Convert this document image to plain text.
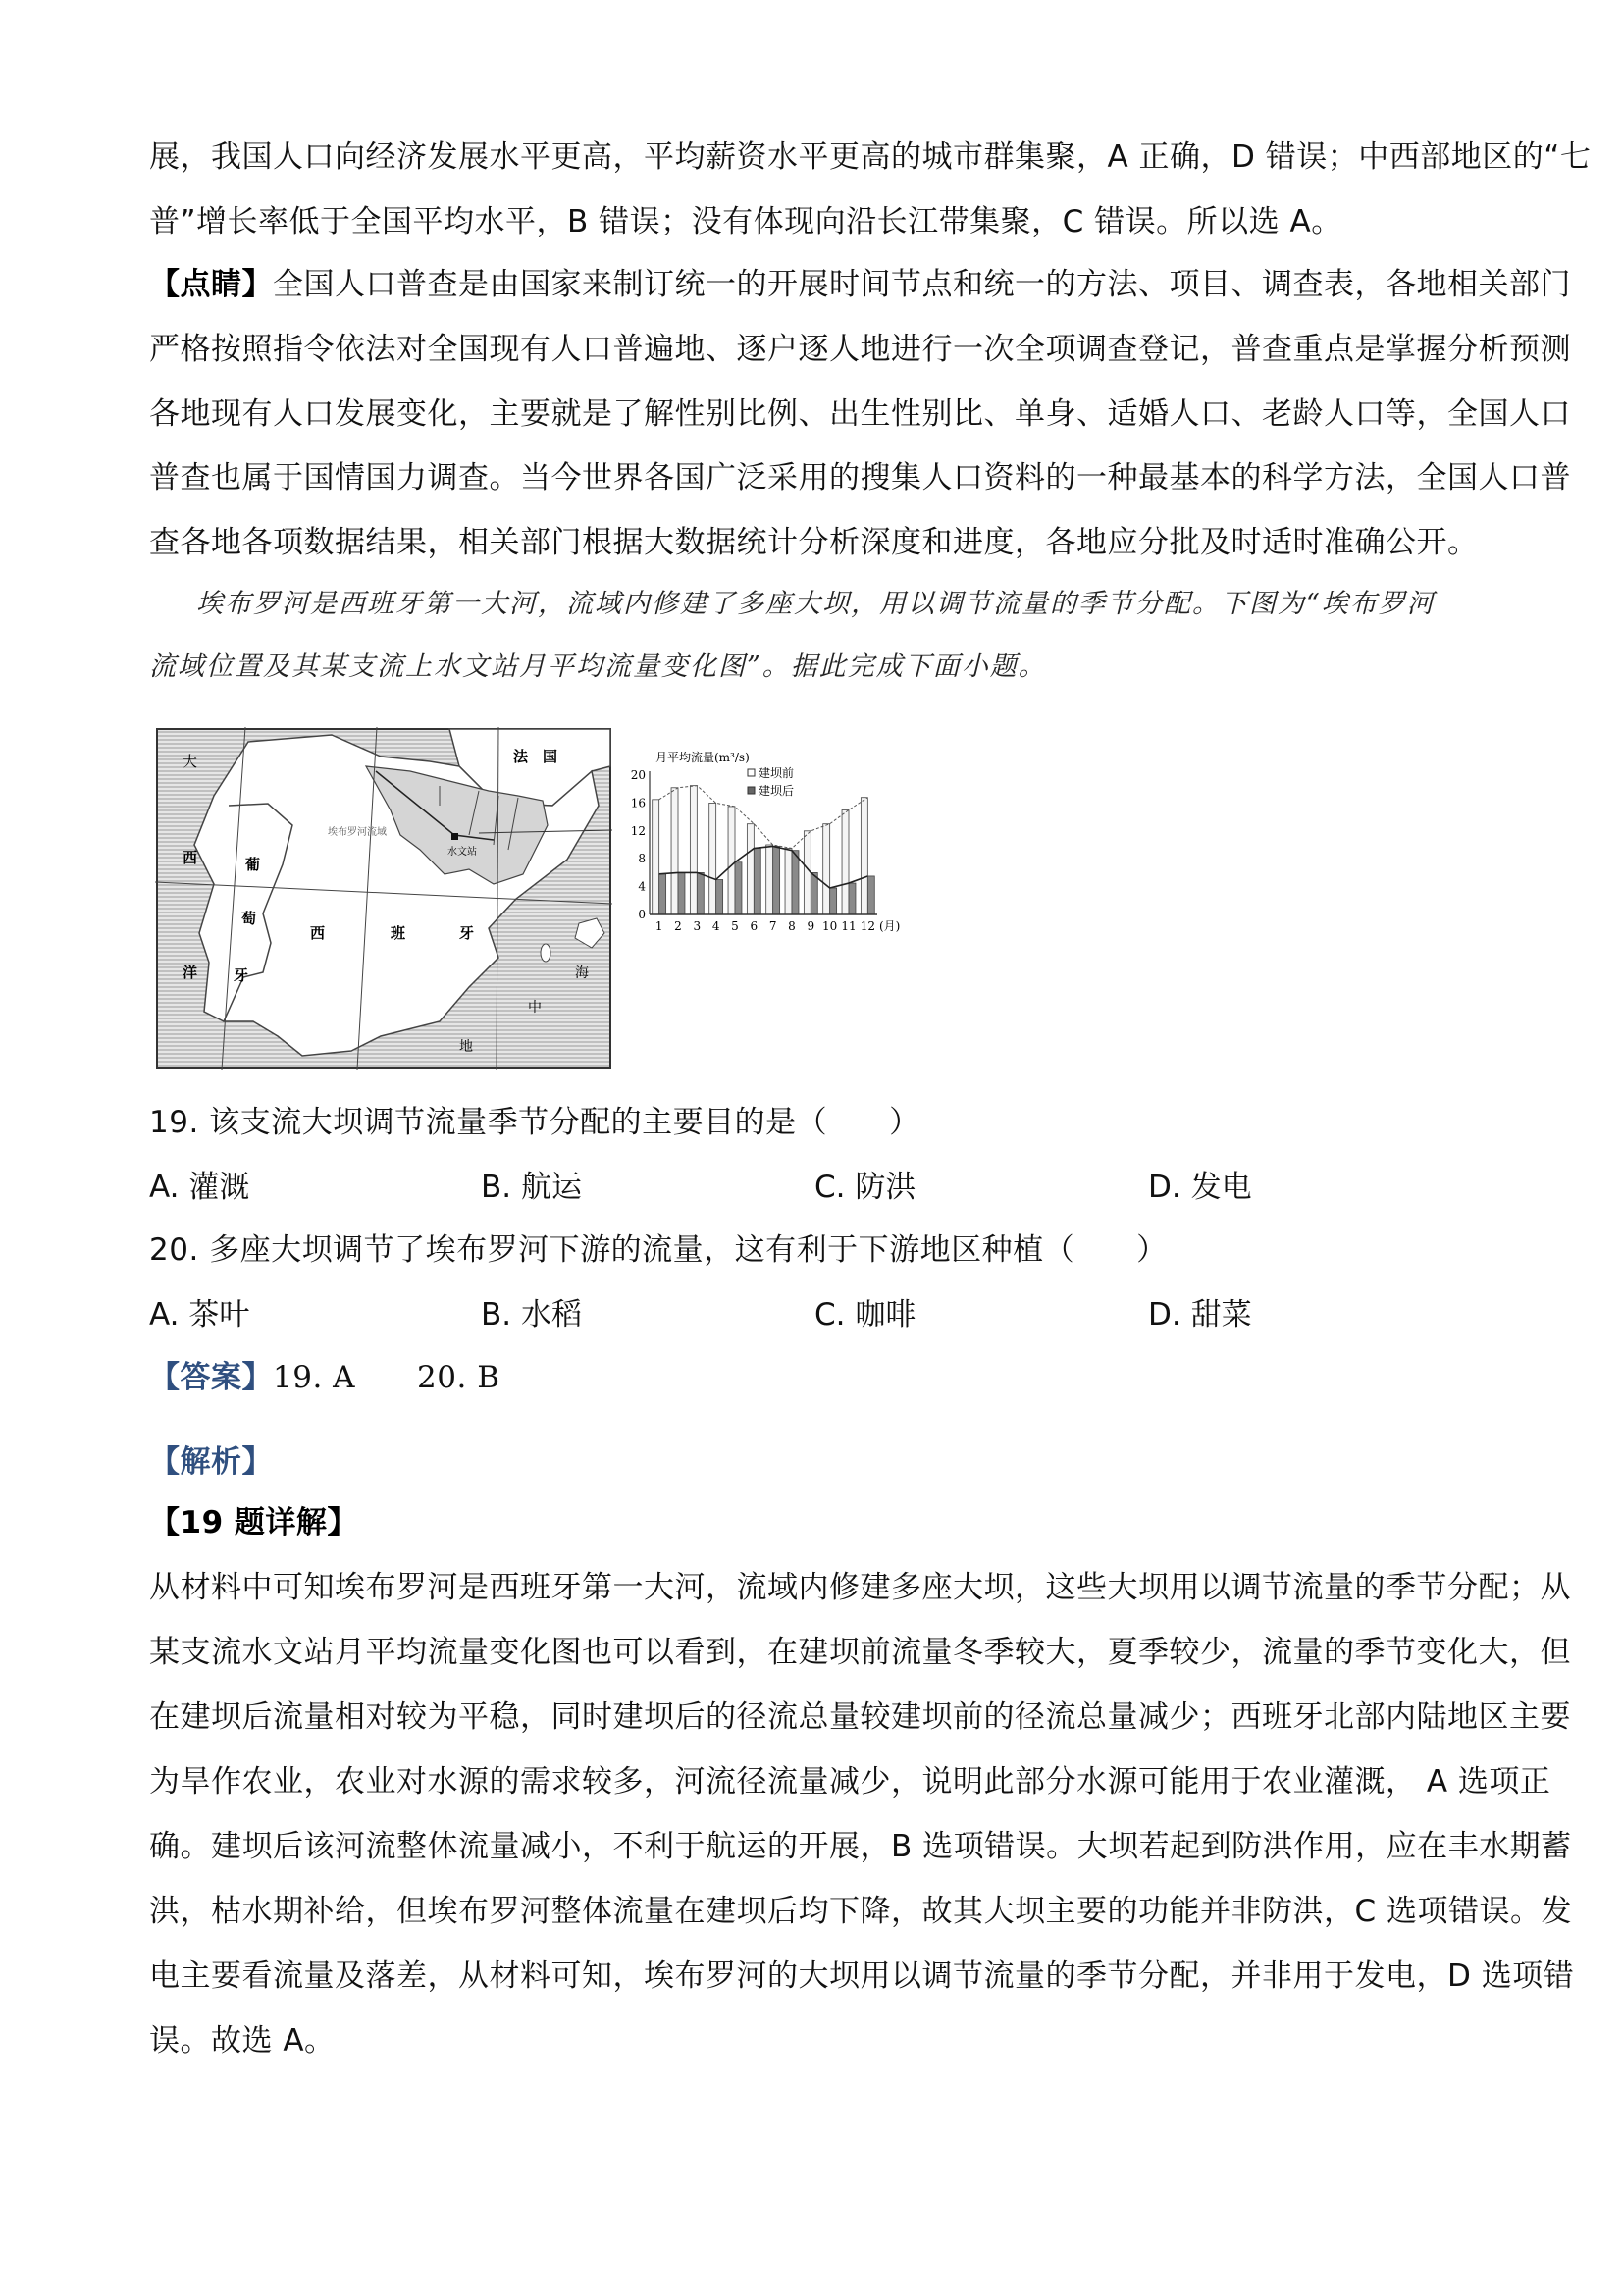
展，我国人口向经济发展水平更高，平均薪资水平更高的城市群集聚，A 正确，D 错误；中西部地区的“七
普”增长率低于全国平均水平，B 错误；没有体现向沿长江带集聚，C 错误。所以选 A。
【点睛】全国人口普查是由国家来制订统一的开展时间节点和统一的方法、项目、调查表，各地相关部门
严格按照指令依法对全国现有人口普遍地、逐户逐人地进行一次全项调查登记，普查重点是掌握分析预测
各地现有人口发展变化，主要就是了解性别比例、出生性别比、单身、适婚人口、老龄人口等，全国人口
普查也属于国情国力调查。当今世界各国广泛采用的搜集人口资料的一种最基本的科学方法，全国人口普
查各地各项数据结果，相关部门根据大数据统计分析深度和进度，各地应分批及时适时准确公开。
埃布罗河是西班牙第一大河，流域内修建了多座大坝，用以调节流量的季节分配。下图为“埃布罗河
流域位置及其某支流上水文站月平均流量变化图”。据此完成下面小题。
法　国
大
西
洋
葡
萄
牙
西	班	牙
埃布罗河流域
水文站
地
中
海
月平均流量(m³/s)
建坝前
建坝后
0
4
8
12
16
20
1 2 3 4 5 6 7 8 9 10 11 12 (月)
19. 该支流大坝调节流量季节分配的主要目的是（　　）
A. 灌溉	B. 航运	C. 防洪	D. 发电
20. 多座大坝调节了埃布罗河下游的流量，这有利于下游地区种植（　　）
A. 茶叶	B. 水稻	C. 咖啡	D. 甜菜
【答案】19. A　　20. B
【解析】
【19 题详解】
从材料中可知埃布罗河是西班牙第一大河，流域内修建多座大坝，这些大坝用以调节流量的季节分配；从
某支流水文站月平均流量变化图也可以看到，在建坝前流量冬季较大，夏季较少，流量的季节变化大，但
在建坝后流量相对较为平稳，同时建坝后的径流总量较建坝前的径流总量减少；西班牙北部内陆地区主要
为旱作农业，农业对水源的需求较多，河流径流量减少，说明此部分水源可能用于农业灌溉， A 选项正
确。建坝后该河流整体流量减小，不利于航运的开展，B 选项错误。大坝若起到防洪作用，应在丰水期蓄
洪，枯水期补给，但埃布罗河整体流量在建坝后均下降，故其大坝主要的功能并非防洪，C 选项错误。发
电主要看流量及落差，从材料可知，埃布罗河的大坝用以调节流量的季节分配，并非用于发电，D 选项错
误。故选 A。
